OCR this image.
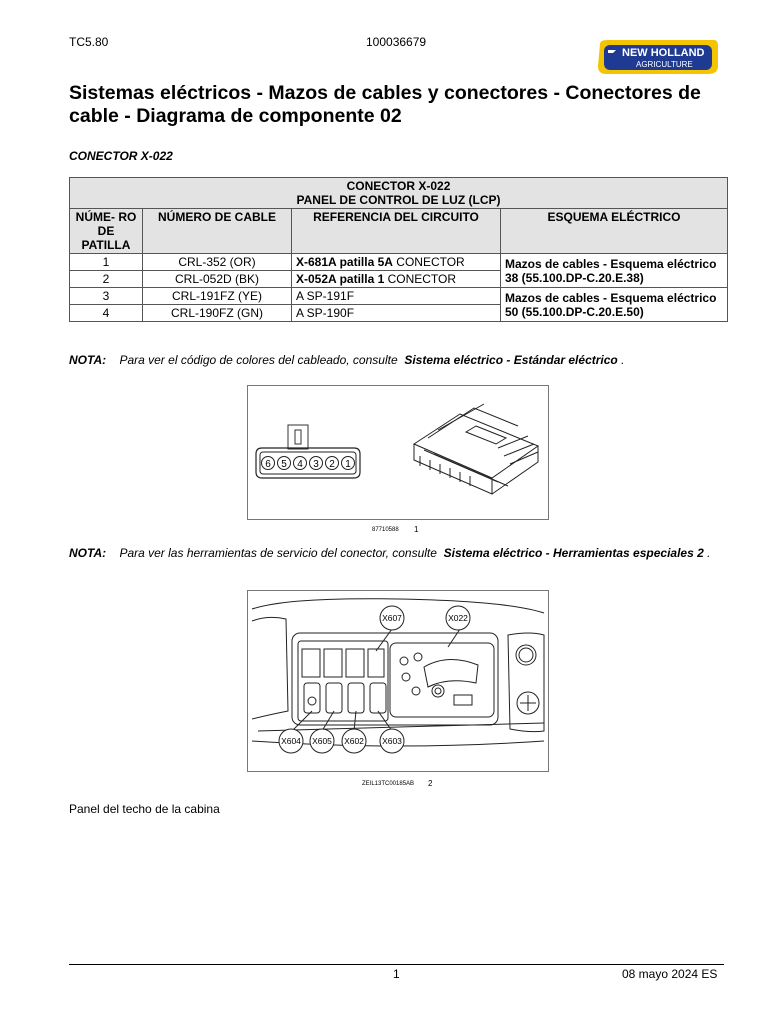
TC5.80	100036679
NEW HOLLAND
AGRICULTURE
Sistemas eléctricos - Mazos de cables y conectores - Conectores de cable - Diagrama de componente 02
CONECTOR X-022
CONECTOR X-022
PANEL DE CONTROL DE LUZ (LCP)			

NÚME- RO DE PATILLA	NÚMERO DE CABLE	REFERENCIA DEL CIRCUITO	ESQUEMA ELÉCTRICO
1	CRL-352 (OR)	X-681A patilla 5A CONECTOR	Mazos de cables - Esquema eléctrico 38 (55.100.DP-C.20.E.38)
2	CRL-052D (BK)	X-052A patilla 1 CONECTOR	
3	CRL-191FZ (YE)	A SP-191F	Mazos de cables - Esquema eléctrico 50 (55.100.DP-C.20.E.50)
4	CRL-190FZ (GN)	A SP-190F	
NOTA: Para ver el código de colores del cableado, consulte Sistema eléctrico - Estándar eléctrico .
6 5 4 3 2 1
87710588 1
NOTA: Para ver las herramientas de servicio del conector, consulte Sistema eléctrico - Herramientas especiales 2 .
X607	X022
X604 X605 X602 X603
ZEIL13TC00185AB 2
Panel del techo de la cabina
1	08 mayo 2024 ES
